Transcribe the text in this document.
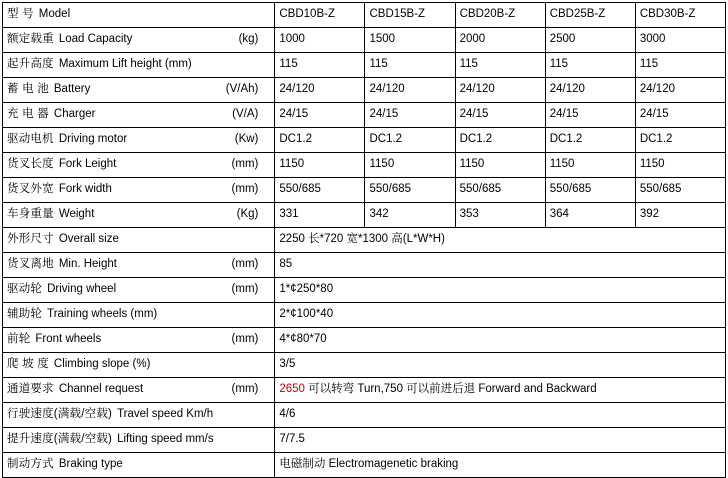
型 号 Model	CBD10B-Z	CBD15B-Z	CBD20B-Z	CBD25B-Z	CBD30B-Z

额定载重 Load Capacity (kg)	1000	1500	2000	2500	3000

起升高度 Maximum Lift height (mm)	115	115	115	115	115

蓄 电 池 Battery (V/Ah)	24/120	24/120	24/120	24/120	24/120

充 电 器 Charger (V/A)	24/15	24/15	24/15	24/15	24/15

驱动电机 Driving motor (Kw)	DC1.2	DC1.2	DC1.2	DC1.2	DC1.2

货叉长度 Fork Leight (mm)	1150	1150	1150	1150	1150

货叉外宽 Fork width (mm)	550/685	550/685	550/685	550/685	550/685

车身重量 Weight (Kg)	331	342	353	364	392

外形尺寸 Overall size	2250 长*720 宽*1300 高(L*W*H)				

货叉离地 Min. Height (mm)	85				

驱动轮 Driving wheel (mm)	1*¢250*80				

辅助轮 Training wheels (mm)	2*¢100*40				

前轮 Front wheels (mm)	4*¢80*70				

爬 坡 度 Climbing slope (%)	3/5				

通道要求 Channel request (mm)	2650 可以转弯 Turn,750 可以前进后退 Forward and Backward				

行驶速度(满载/空载) Travel speed Km/h	4/6				

提升速度(满载/空载) Lifting speed mm/s	7/7.5				

制动方式 Braking type	电磁制动 Electromagenetic braking				
